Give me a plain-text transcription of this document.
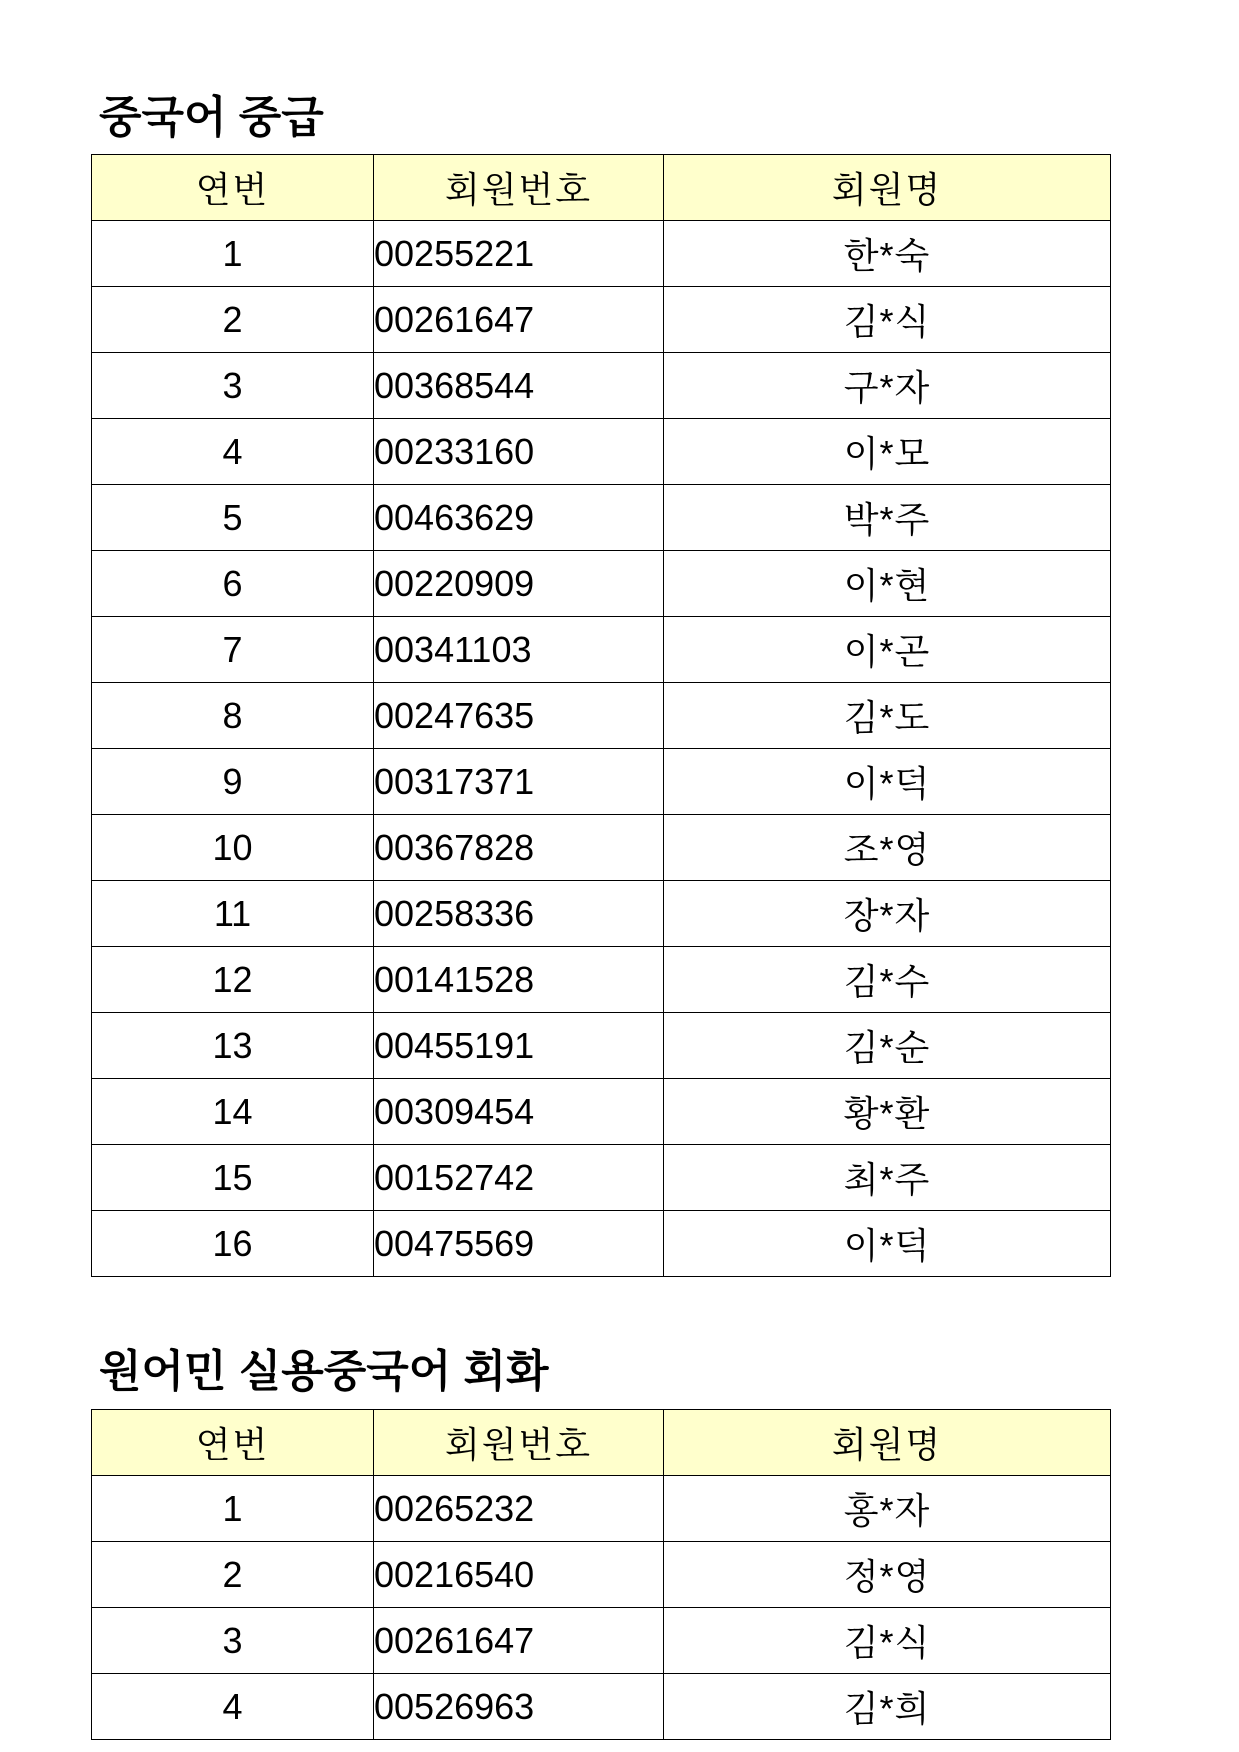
중국어 중급
연번	회원번호	회원명
1	00255221	한*숙
2	00261647	김*식
3	00368544	구*자
4	00233160	이*모
5	00463629	박*주
6	00220909	이*현
7	00341103	이*곤
8	00247635	김*도
9	00317371	이*덕
10	00367828	조*영
11	00258336	장*자
12	00141528	김*수
13	00455191	김*순
14	00309454	황*환
15	00152742	최*주
16	00475569	이*덕
원어민 실용중국어 회화
연번	회원번호	회원명
1	00265232	홍*자
2	00216540	정*영
3	00261647	김*식
4	00526963	김*희
